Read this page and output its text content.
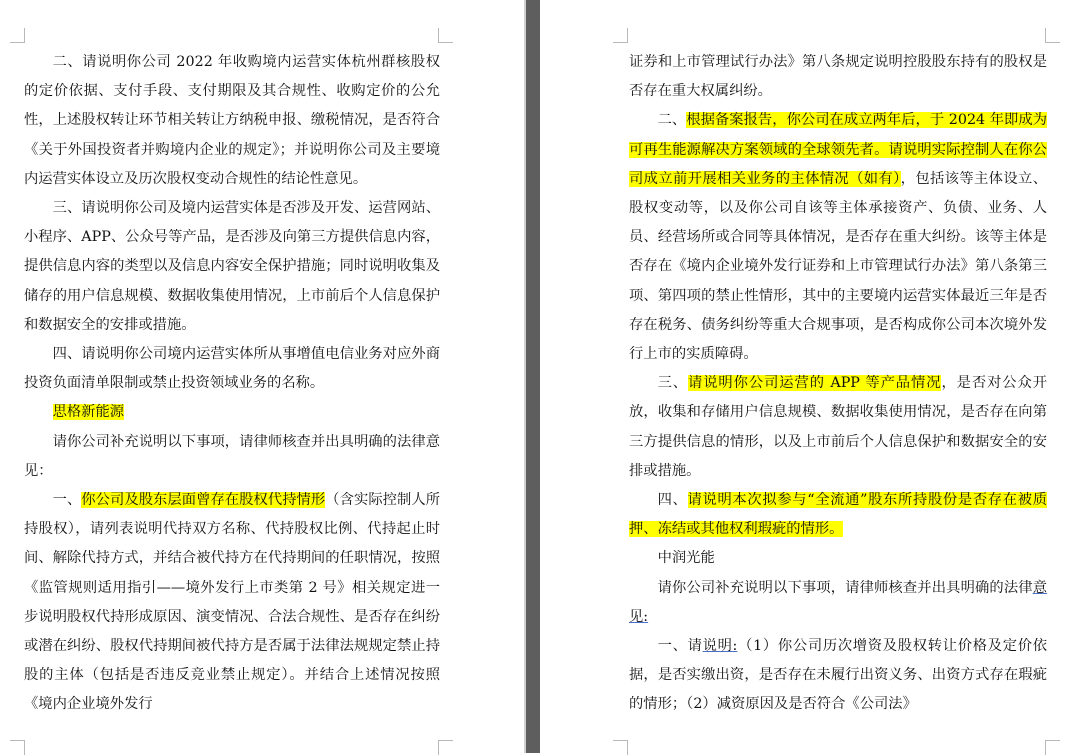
二、请说明你公司 2022 年收购境内运营实体杭州群核股权的定价依据、支付手段、支付期限及其合规性、收购定价的公允性，上述股权转让环节相关转让方纳税申报、缴税情况，是否符合《关于外国投资者并购境内企业的规定》；并说明你公司及主要境内运营实体设立及历次股权变动合规性的结论性意见。

三、请说明你公司及境内运营实体是否涉及开发、运营网站、小程序、APP、公众号等产品，是否涉及向第三方提供信息内容，提供信息内容的类型以及信息内容安全保护措施；同时说明收集及储存的用户信息规模、数据收集使用情况，上市前后个人信息保护和数据安全的安排或措施。

四、请说明你公司境内运营实体所从事增值电信业务对应外商投资负面清单限制或禁止投资领域业务的名称。

思格新能源

请你公司补充说明以下事项，请律师核查并出具明确的法律意见：

一、你公司及股东层面曾存在股权代持情形（含实际控制人所持股权），请列表说明代持双方名称、代持股权比例、代持起止时间、解除代持方式，并结合被代持方在代持期间的任职情况，按照《监管规则适用指引——境外发行上市类第 2 号》相关规定进一步说明股权代持形成原因、演变情况、合法合规性、是否存在纠纷或潜在纠纷、股权代持期间被代持方是否属于法律法规规定禁止持股的主体（包括是否违反竞业禁止规定）。并结合上述情况按照《境内企业境外发行

证券和上市管理试行办法》第八条规定说明控股股东持有的股权是否存在重大权属纠纷。

二、根据备案报告，你公司在成立两年后，于 2024 年即成为可再生能源解决方案领域的全球领先者。请说明实际控制人在你公司成立前开展相关业务的主体情况（如有），包括该等主体设立、股权变动等，以及你公司自该等主体承接资产、负债、业务、人员、经营场所或合同等具体情况，是否存在重大纠纷。该等主体是否存在《境内企业境外发行证券和上市管理试行办法》第八条第三项、第四项的禁止性情形，其中的主要境内运营实体最近三年是否存在税务、债务纠纷等重大合规事项，是否构成你公司本次境外发行上市的实质障碍。

三、请说明你公司运营的 APP 等产品情况，是否对公众开放，收集和存储用户信息规模、数据收集使用情况，是否存在向第三方提供信息的情形，以及上市前后个人信息保护和数据安全的安排或措施。

四、请说明本次拟参与“全流通”股东所持股份是否存在被质押、冻结或其他权利瑕疵的情形。

中润光能

请你公司补充说明以下事项，请律师核查并出具明确的法律意见:

一、请说明:（1）你公司历次增资及股权转让价格及定价依据，是否实缴出资，是否存在未履行出资义务、出资方式存在瑕疵的情形；（2）减资原因及是否符合《公司法》
